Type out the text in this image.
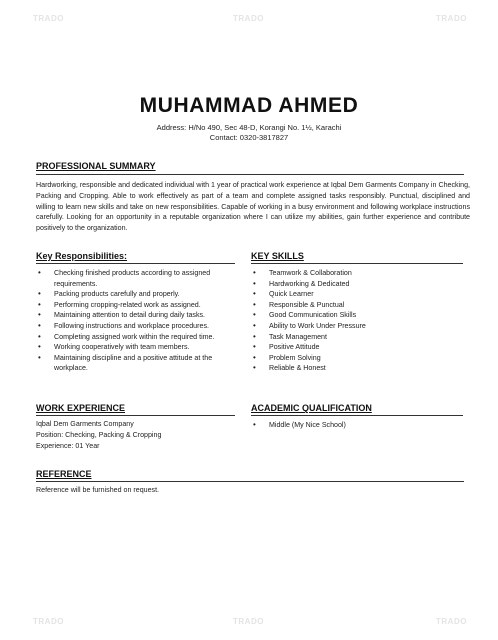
TRADO	TRADO	TRADO
TRADO	TRADO	TRADO
MUHAMMAD AHMED
Address: H/No 490, Sec 48-D, Korangi No. 1½, Karachi
Contact: 0320-3817827
PROFESSIONAL SUMMARY
Hardworking, responsible and dedicated individual with 1 year of practical work experience at Iqbal Dem Garments Company in Checking, Packing and Cropping. Able to work effectively as part of a team and complete assigned tasks responsibly. Punctual, disciplined and willing to learn new skills and take on new responsibilities. Capable of working in a busy environment and following workplace instructions carefully. Looking for an opportunity in a reputable organization where I can utilize my abilities, gain further experience and contribute positively to the organization.
Key Responsibilities:
• Checking finished products according to assigned requirements.
• Packing products carefully and properly.
• Performing cropping-related work as assigned.
• Maintaining attention to detail during daily tasks.
• Following instructions and workplace procedures.
• Completing assigned work within the required time.
• Working cooperatively with team members.
• Maintaining discipline and a positive attitude at the workplace.
KEY SKILLS
• Teamwork & Collaboration
• Hardworking & Dedicated
• Quick Learner
• Responsible & Punctual
• Good Communication Skills
• Ability to Work Under Pressure
• Task Management
• Positive Attitude
• Problem Solving
• Reliable & Honest
WORK EXPERIENCE
Iqbal Dem Garments Company
Position: Checking, Packing & Cropping
Experience: 01 Year
ACADEMIC QUALIFICATION
• Middle (My Nice School)
REFERENCE
Reference will be furnished on request.
